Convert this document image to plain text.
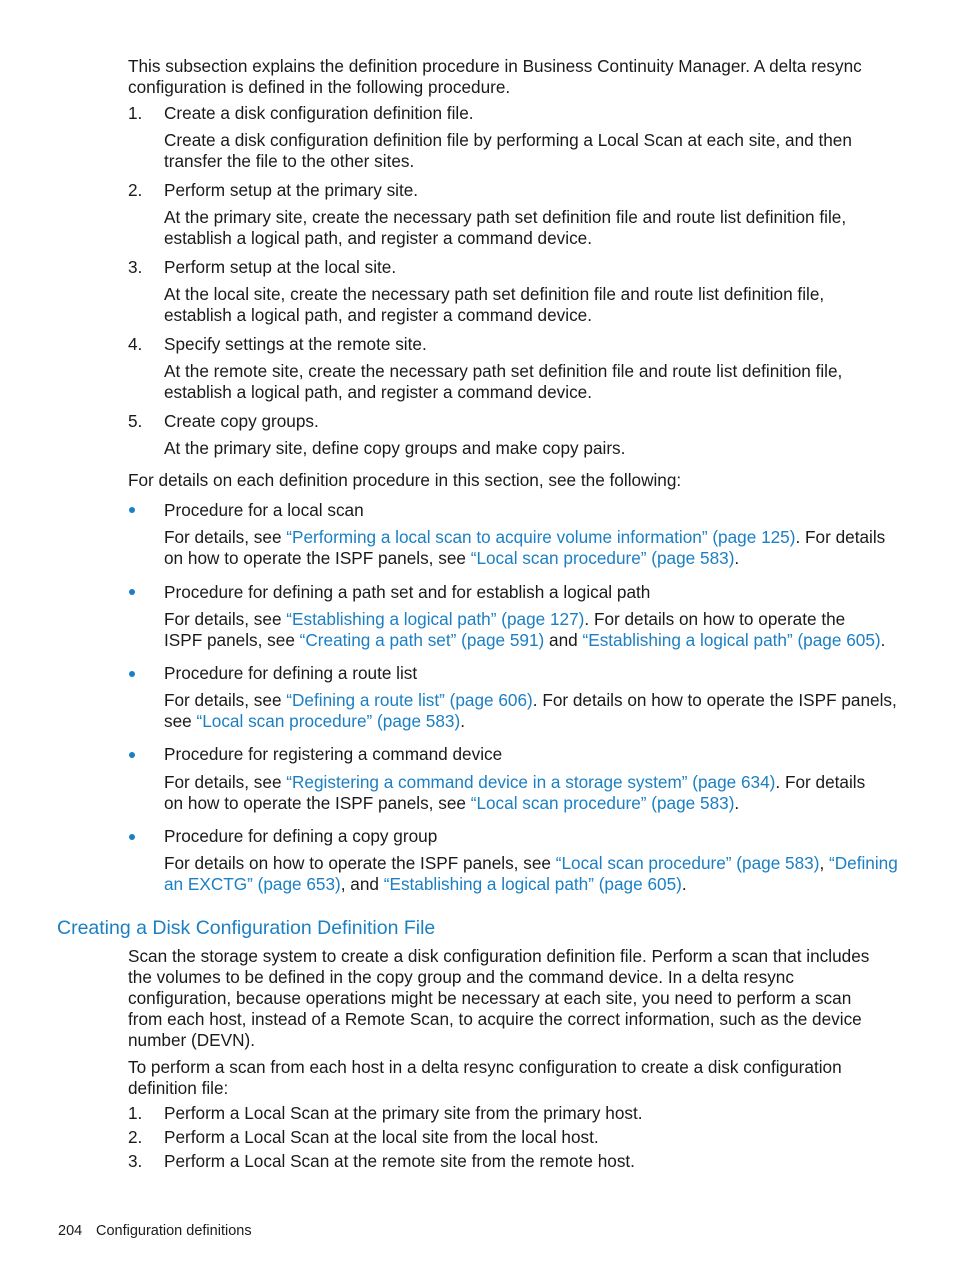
This subsection explains the definition procedure in Business Continuity Manager. A delta resync
configuration is defined in the following procedure.
1. Create a disk configuration definition file.
Create a disk configuration definition file by performing a Local Scan at each site, and then
transfer the file to the other sites.
2. Perform setup at the primary site.
At the primary site, create the necessary path set definition file and route list definition file,
establish a logical path, and register a command device.
3. Perform setup at the local site.
At the local site, create the necessary path set definition file and route list definition file,
establish a logical path, and register a command device.
4. Specify settings at the remote site.
At the remote site, create the necessary path set definition file and route list definition file,
establish a logical path, and register a command device.
5. Create copy groups.
At the primary site, define copy groups and make copy pairs.
For details on each definition procedure in this section, see the following:
Procedure for a local scan
For details, see “Performing a local scan to acquire volume information” (page 125). For details
on how to operate the ISPF panels, see “Local scan procedure” (page 583).
Procedure for defining a path set and for establish a logical path
For details, see “Establishing a logical path” (page 127). For details on how to operate the
ISPF panels, see “Creating a path set” (page 591) and “Establishing a logical path” (page 605).
Procedure for defining a route list
For details, see “Defining a route list” (page 606). For details on how to operate the ISPF panels,
see “Local scan procedure” (page 583).
Procedure for registering a command device
For details, see “Registering a command device in a storage system” (page 634). For details
on how to operate the ISPF panels, see “Local scan procedure” (page 583).
Procedure for defining a copy group
For details on how to operate the ISPF panels, see “Local scan procedure” (page 583), “Defining
an EXCTG” (page 653), and “Establishing a logical path” (page 605).
Creating a Disk Configuration Definition File
Scan the storage system to create a disk configuration definition file. Perform a scan that includes
the volumes to be defined in the copy group and the command device. In a delta resync
configuration, because operations might be necessary at each site, you need to perform a scan
from each host, instead of a Remote Scan, to acquire the correct information, such as the device
number (DEVN).
To perform a scan from each host in a delta resync configuration to create a disk configuration
definition file:
1. Perform a Local Scan at the primary site from the primary host.
2. Perform a Local Scan at the local site from the local host.
3. Perform a Local Scan at the remote site from the remote host.
204 Configuration definitions
